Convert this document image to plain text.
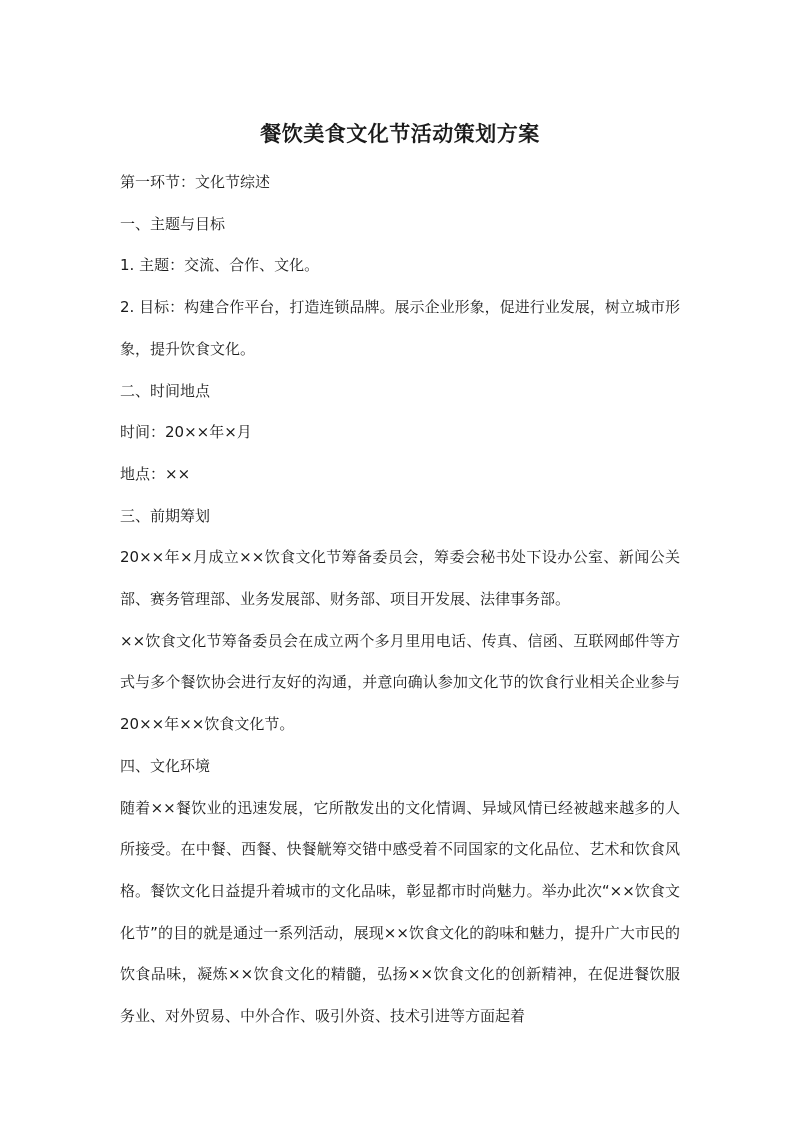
餐饮美食文化节活动策划方案

第一环节：文化节综述

一、主题与目标

1. 主题：交流、合作、文化。

2. 目标：构建合作平台，打造连锁品牌。展示企业形象，促进行业发展，树立城市形象，提升饮食文化。

二、时间地点

时间：20××年×月

地点：××

三、前期筹划

20××年×月成立××饮食文化节筹备委员会，筹委会秘书处下设办公室、新闻公关部、赛务管理部、业务发展部、财务部、项目开发展、法律事务部。

××饮食文化节筹备委员会在成立两个多月里用电话、传真、信函、互联网邮件等方式与多个餐饮协会进行友好的沟通，并意向确认参加文化节的饮食行业相关企业参与 20××年××饮食文化节。

四、文化环境

随着××餐饮业的迅速发展，它所散发出的文化情调、异域风情已经被越来越多的人所接受。在中餐、西餐、快餐觥筹交错中感受着不同国家的文化品位、艺术和饮食风格。餐饮文化日益提升着城市的文化品味，彰显都市时尚魅力。举办此次“××饮食文化节”的目的就是通过一系列活动，展现××饮食文化的韵味和魅力，提升广大市民的饮食品味，凝炼××饮食文化的精髓，弘扬××饮食文化的创新精神，在促进餐饮服务业、对外贸易、中外合作、吸引外资、技术引进等方面起着
